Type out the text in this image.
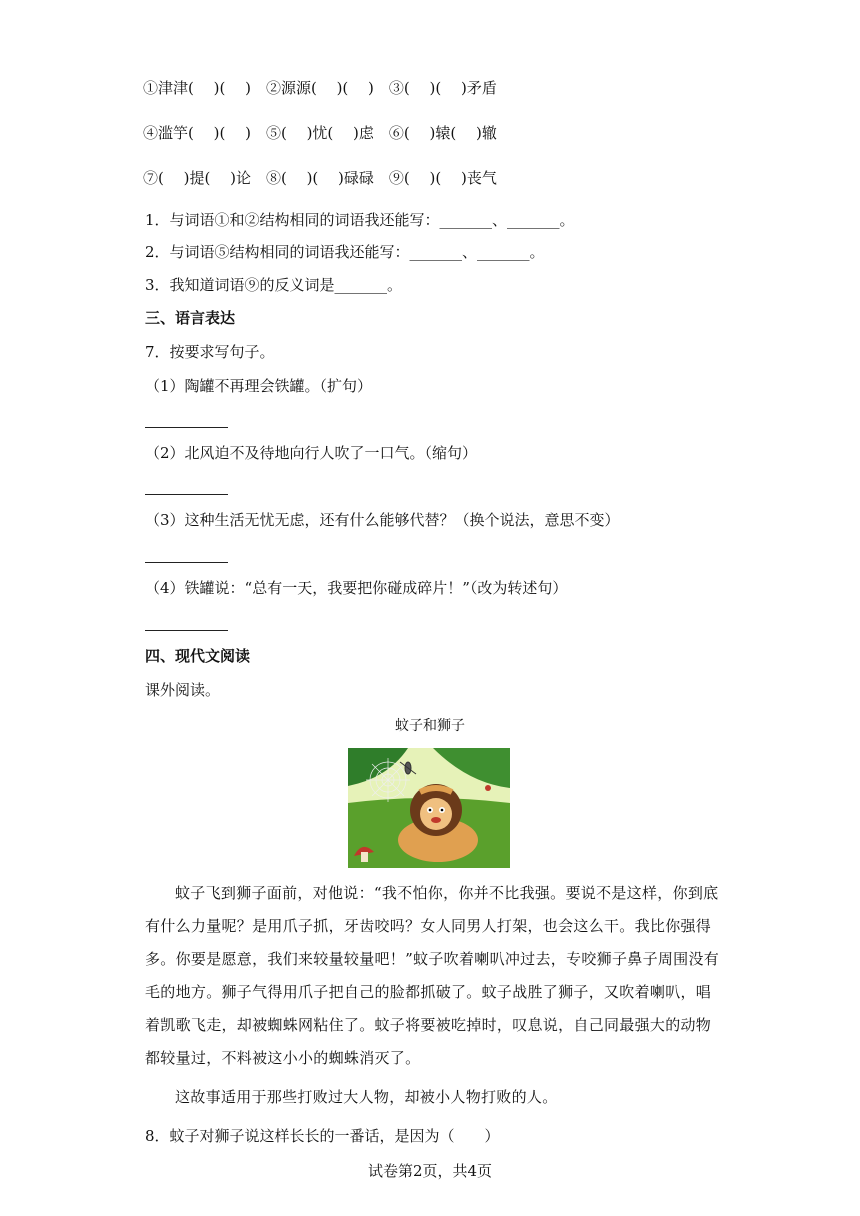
①津津(　 )(　 )　②源源(　 )(　 )　③(　 )(　 )矛盾
④滥竽(　 )(　 )　⑤(　 )忧(　 )虑　⑥(　 )辕(　 )辙
⑦(　 )提(　 )论　⑧(　 )(　 )碌碌　⑨(　 )(　 )丧气
1．与词语①和②结构相同的词语我还能写：_______、_______。
2．与词语⑤结构相同的词语我还能写：_______、_______。
3．我知道词语⑨的反义词是_______。
三、语言表达
7．按要求写句子。
（1）陶罐不再理会铁罐。（扩句）
（2）北风迫不及待地向行人吹了一口气。（缩句）
（3）这种生活无忧无虑，还有什么能够代替？（换个说法，意思不变）
（4）铁罐说：“总有一天，我要把你碰成碎片！”（改为转述句）
四、现代文阅读
课外阅读。
蚊子和狮子
蚊子飞到狮子面前，对他说：“我不怕你，你并不比我强。要说不是这样，你到底有什么力量呢？是用爪子抓，牙齿咬吗？女人同男人打架，也会这么干。我比你强得多。你要是愿意，我们来较量较量吧！”蚊子吹着喇叭冲过去，专咬狮子鼻子周围没有毛的地方。狮子气得用爪子把自己的脸都抓破了。蚊子战胜了狮子，又吹着喇叭，唱着凯歌飞走，却被蜘蛛网粘住了。蚊子将要被吃掉时，叹息说，自己同最强大的动物都较量过，不料被这小小的蜘蛛消灭了。
这故事适用于那些打败过大人物，却被小人物打败的人。
8．蚊子对狮子说这样长长的一番话，是因为（　　）
试卷第2页，共4页
